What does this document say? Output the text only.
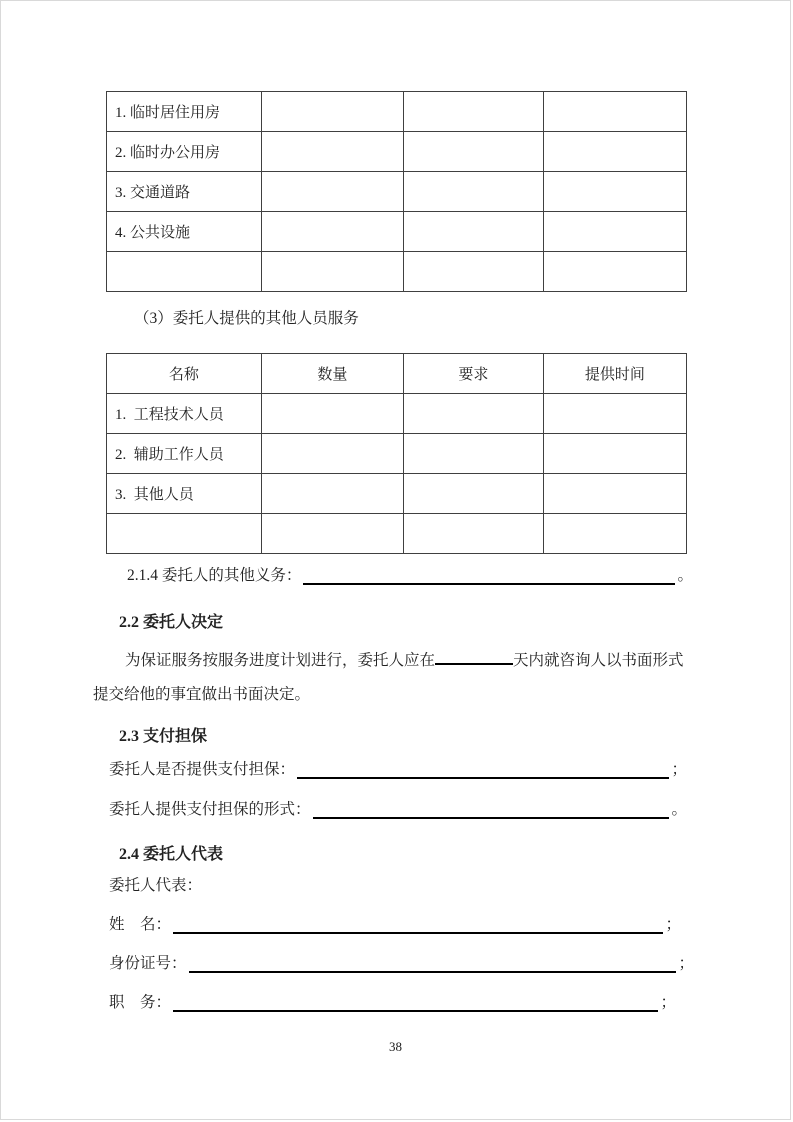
1. 临时居住用房			
2. 临时办公用房			
3. 交通道路			
4. 公共设施			

（3）委托人提供的其他人员服务
名称	数量	要求	提供时间
1.  工程技术人员			
2.  辅助工作人员			
3.  其他人员			

2.1.4 委托人的其他义务：	。
2.2 委托人决定
为保证服务按服务进度计划进行，委托人应在	天内就咨询人以书面形式
提交给他的事宜做出书面决定。
2.3 支付担保
委托人是否提供支付担保：	；
委托人提供支付担保的形式：	。
2.4 委托人代表
委托人代表：
姓　名：	；
身份证号：	；
职　务：	；
38
